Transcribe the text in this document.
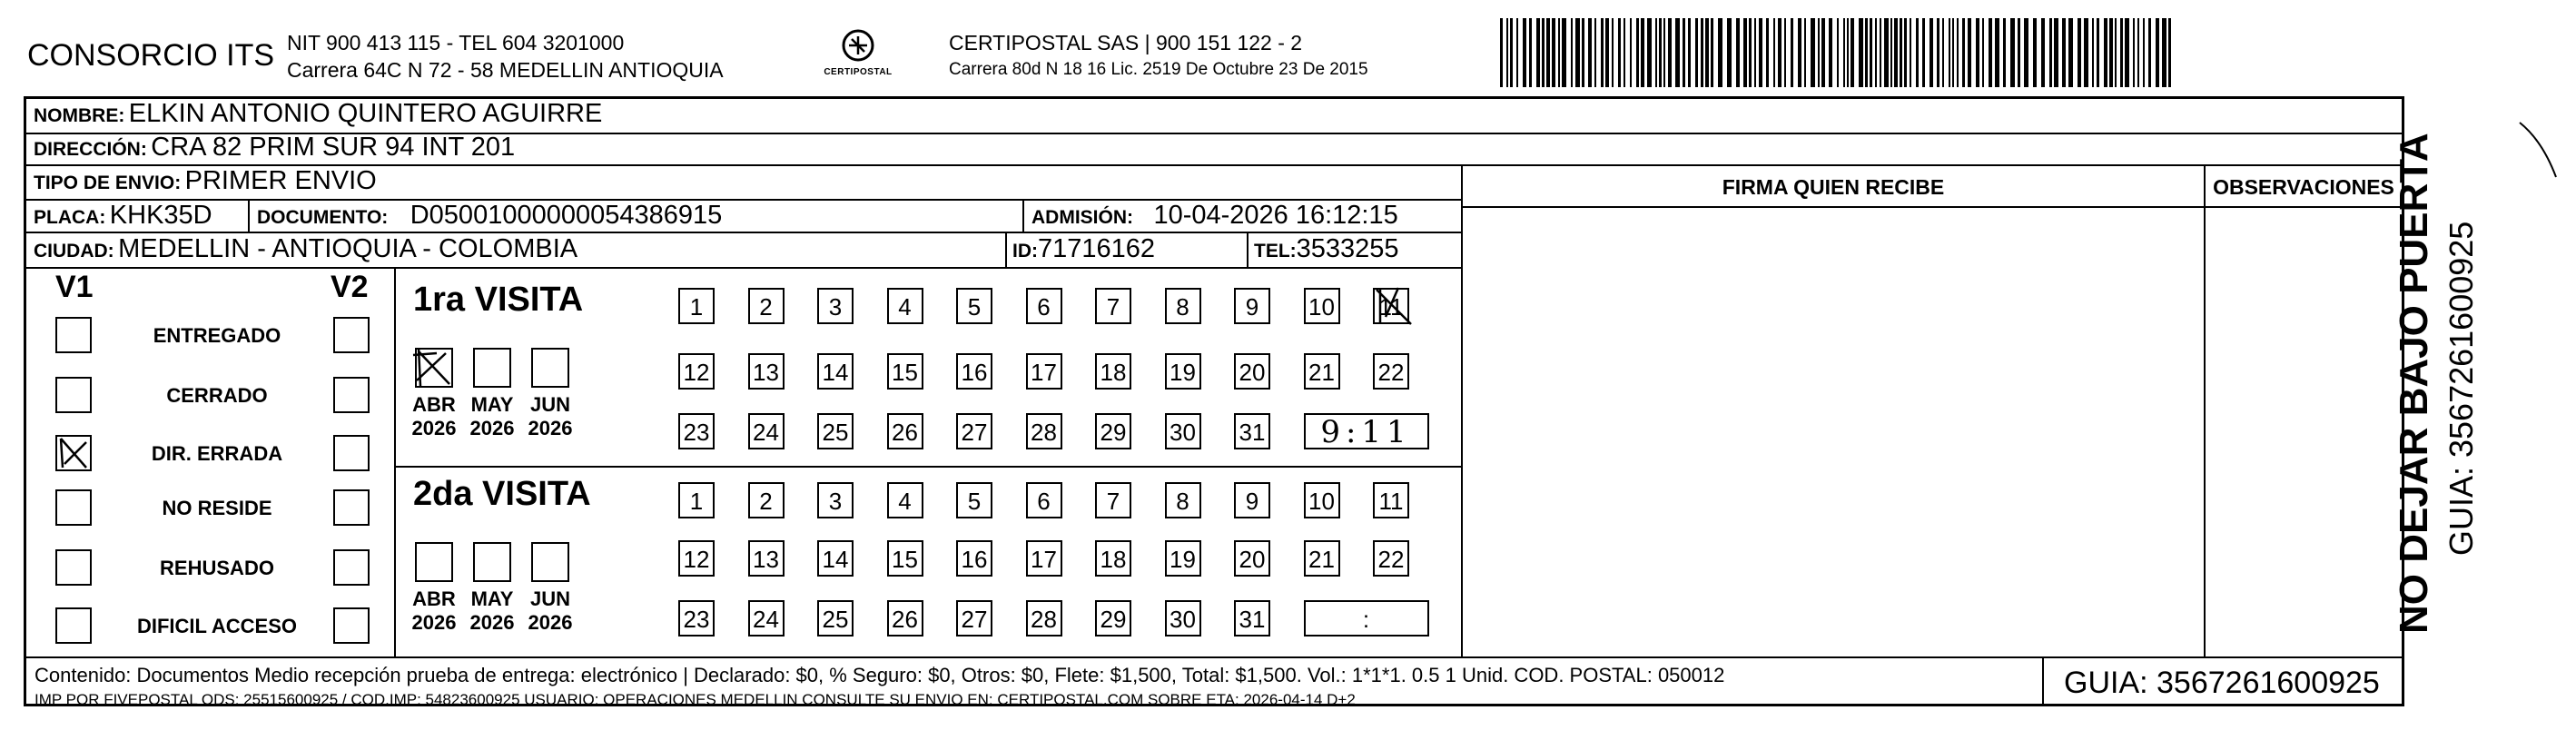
CONSORCIO ITS NIT 900 413 115 - TEL 604 3201000
Carrera 64C N 72 - 58 MEDELLIN ANTIOQUIA	CERTIPOSTAL
CERTIPOSTAL SAS | 900 151 122 - 2
Carrera 80d N 18 16 Lic. 2519 De Octubre 23 De 2015
NOMBRE: ELKIN ANTONIO QUINTERO AGUIRRE
DIRECCIÓN: CRA 82 PRIM SUR 94 INT 201
TIPO DE ENVIO: PRIMER ENVIO
PLACA: KHK35D DOCUMENTO: D05001000000054386915	ADMISIÓN: 10-04-2026 16:12:15
CIUDAD: MEDELLIN - ANTIOQUIA - COLOMBIA	ID:71716162	TEL:3533255
FIRMA QUIEN RECIBE	OBSERVACIONES
V1	V2
ENTREGADO
CERRADO
DIR. ERRADA
NO RESIDE
REHUSADO
DIFICIL ACCESO
1ra VISITA
2da VISITA
ABR
2026
MAY
2026
JUN
2026
ABR
2026
MAY
2026
JUN
2026
1	2	3	4	5	6	7	8	9	10 11
12 13 14 15 16 17 18 19 20 21 22
23 24 25 26 27 28 29 30 31	9:11
1	2	3	4	5	6	7	8	9	10 11
12 13 14 15 16 17 18 19 20 21 22
23 24 25 26 27 28 29 30 31	:
GUIA: 3567261600925
Contenido: Documentos Medio recepción prueba de entrega: electrónico | Declarado: $0, % Seguro: $0, Otros: $0, Flete: $1,500, Total: $1,500. Vol.: 1*1*1. 0.5 1 Unid. COD. POSTAL: 050012
IMP POR FIVEPOSTAL ODS: 25515600925 / COD.IMP: 54823600925 USUARIO: OPERACIONES MEDELLIN CONSULTE SU ENVIO EN: CERTIPOSTAL.COM SOBRE ETA: 2026-04-14 D+2
NO DEJAR BAJO PUERTA GUIA: 3567261600925
